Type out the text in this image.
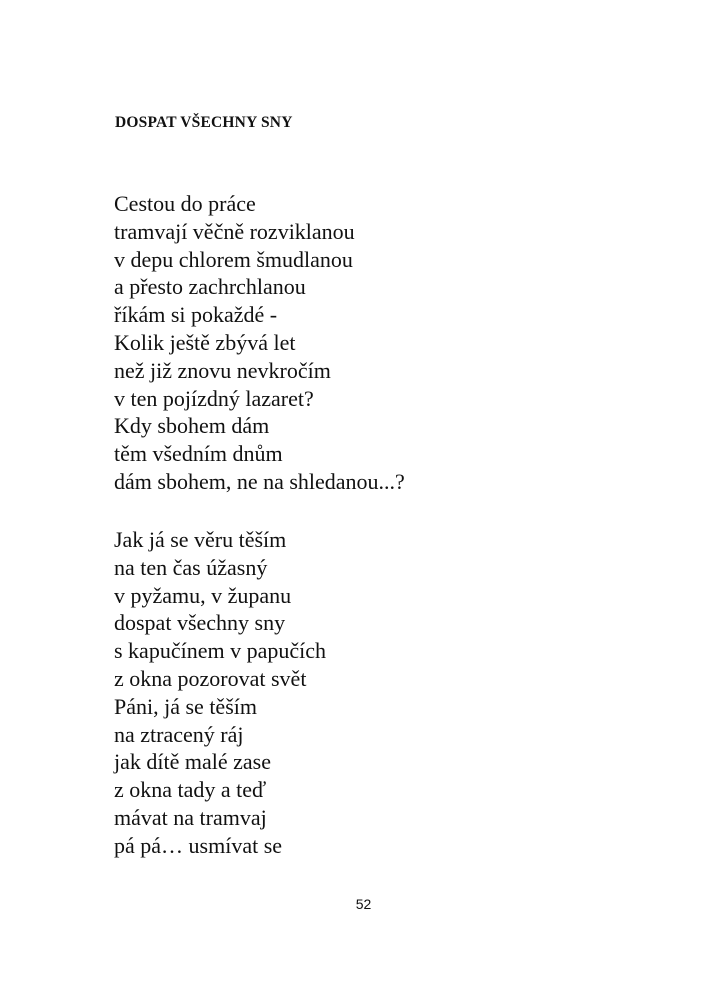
DOSPAT VŠECHNY SNY
Cestou do práce
tramvají věčně rozviklanou
v depu chlorem šmudlanou
a přesto zachrchlanou
říkám si pokaždé -
Kolik ještě zbývá let
než již znovu nevkročím
v ten pojízdný lazaret?
Kdy sbohem dám
těm všedním dnům
dám sbohem, ne na shledanou...?
Jak já se věru těším
na ten čas úžasný
v pyžamu, v županu
dospat všechny sny
s kapučínem v papučích
z okna pozorovat svět
Páni, já se těším
na ztracený ráj
jak dítě malé zase
z okna tady a teď
mávat na tramvaj
pá pá… usmívat se
52
